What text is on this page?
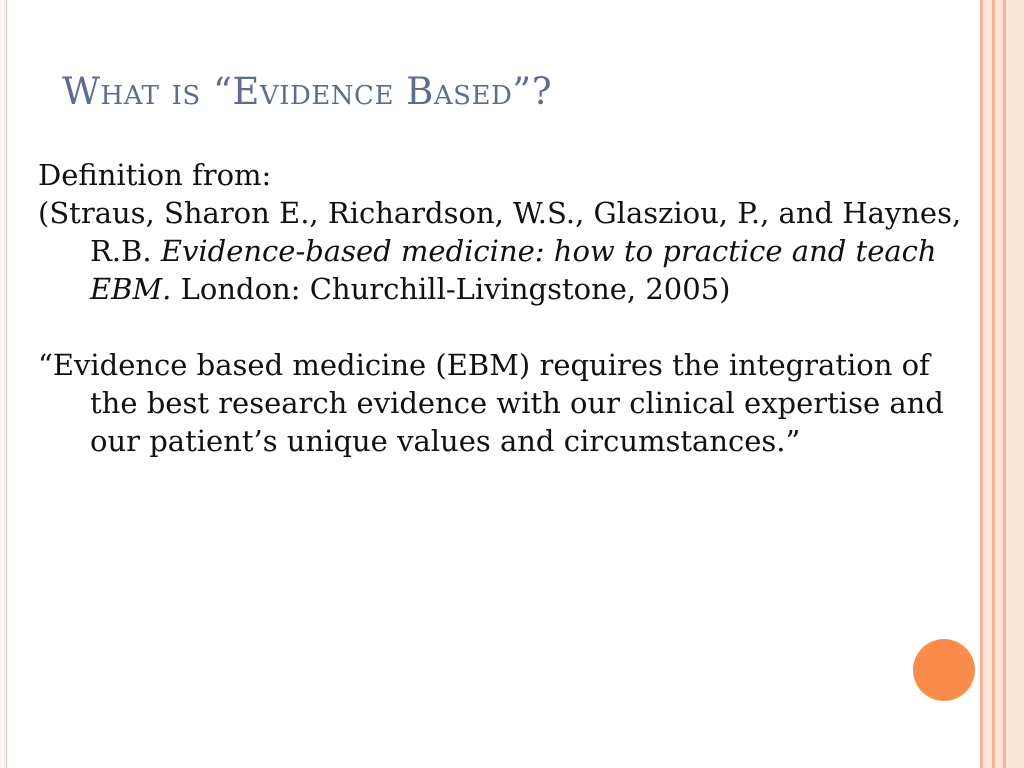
What is “Evidence Based”?

Definition from:

(Straus, Sharon E., Richardson, W.S., Glasziou, P., and Haynes, R.B. Evidence-based medicine: how to practice and teach EBM. London: Churchill-Livingstone, 2005)

“Evidence based medicine (EBM) requires the integration of the best research evidence with our clinical expertise and our patient’s unique values and circumstances.”
